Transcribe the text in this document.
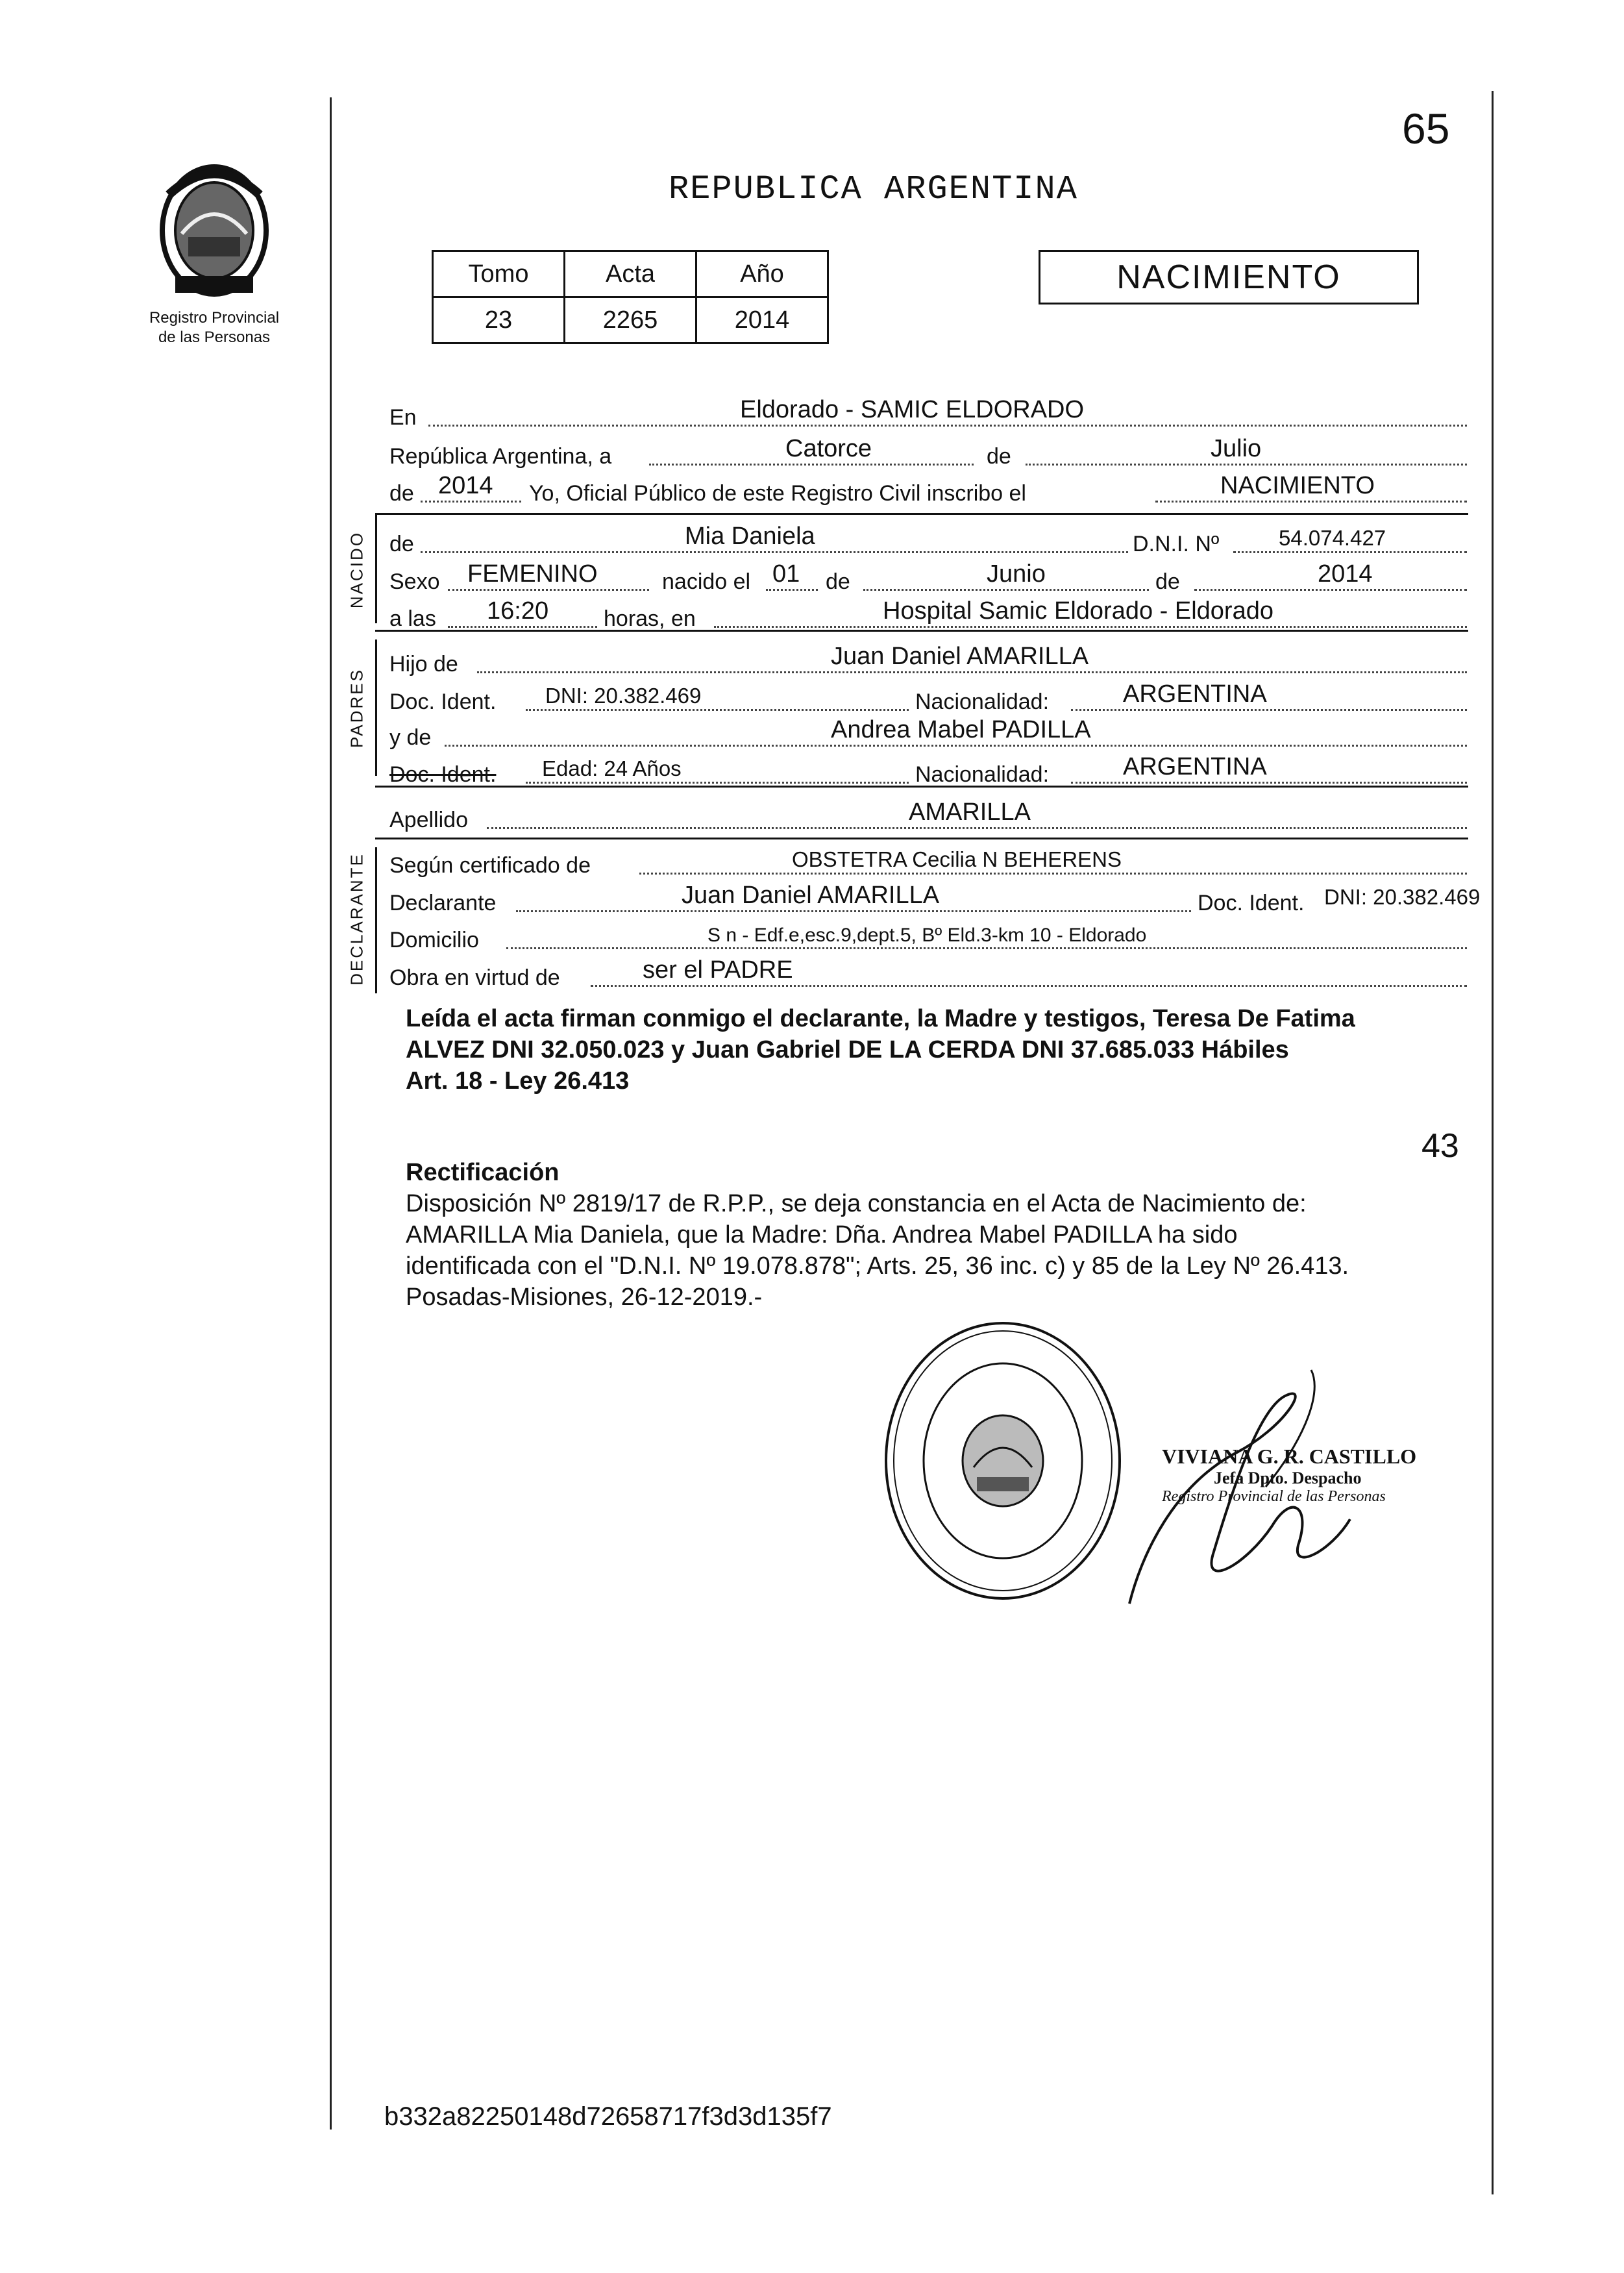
65
Registro Provincial
de las Personas
REPUBLICA ARGENTINA
Tomo	Acta	Año
23	2265	2014
NACIMIENTO
En	Eldorado - SAMIC ELDORADO
República Argentina, a	Catorce	de	Julio
de 2014 Yo, Oficial Público de este Registro Civil inscribo el	NACIMIENTO
NACIDO de	Mia Daniela	D.N.I. Nº	54.074.427
Sexo FEMENINO	nacido el 01 de	Junio	de	2014
a las 16:20 horas, en	Hospital Samic Eldorado - Eldorado
PADRES
Hijo de	Juan Daniel AMARILLA
Doc. Ident. DNI: 20.382.469	Nacionalidad:	ARGENTINA
y de	Andrea Mabel PADILLA
Doc. Ident. Edad: 24 Años	Nacionalidad:	ARGENTINA
Apellido	AMARILLA
DECLARANTE Según certificado de	OBSTETRA Cecilia N BEHERENS
Declarante	Juan Daniel AMARILLA	Doc. Ident. DNI: 20.382.469
Domicilio	S n - Edf.e,esc.9,dept.5, Bº Eld.3-km 10 - Eldorado
Obra en virtud de	ser el PADRE
Leída el acta firman conmigo el declarante, la Madre y testigos, Teresa De Fatima
ALVEZ DNI 32.050.023 y Juan Gabriel DE LA CERDA DNI 37.685.033 Hábiles
Art. 18 - Ley 26.413
43
Rectificación
Disposición Nº 2819/17 de R.P.P., se deja constancia en el Acta de Nacimiento de:
AMARILLA Mia Daniela, que la Madre: Dña. Andrea Mabel PADILLA ha sido
identificada con el "D.N.I. Nº 19.078.878"; Arts. 25, 36 inc. c) y 85 de la Ley Nº 26.413.
Posadas-Misiones, 26-12-2019.-
VIVIANA G. R. CASTILLO
Jefa Dpto. Despacho
Registro Provincial de las Personas
b332a82250148d72658717f3d3d135f7
